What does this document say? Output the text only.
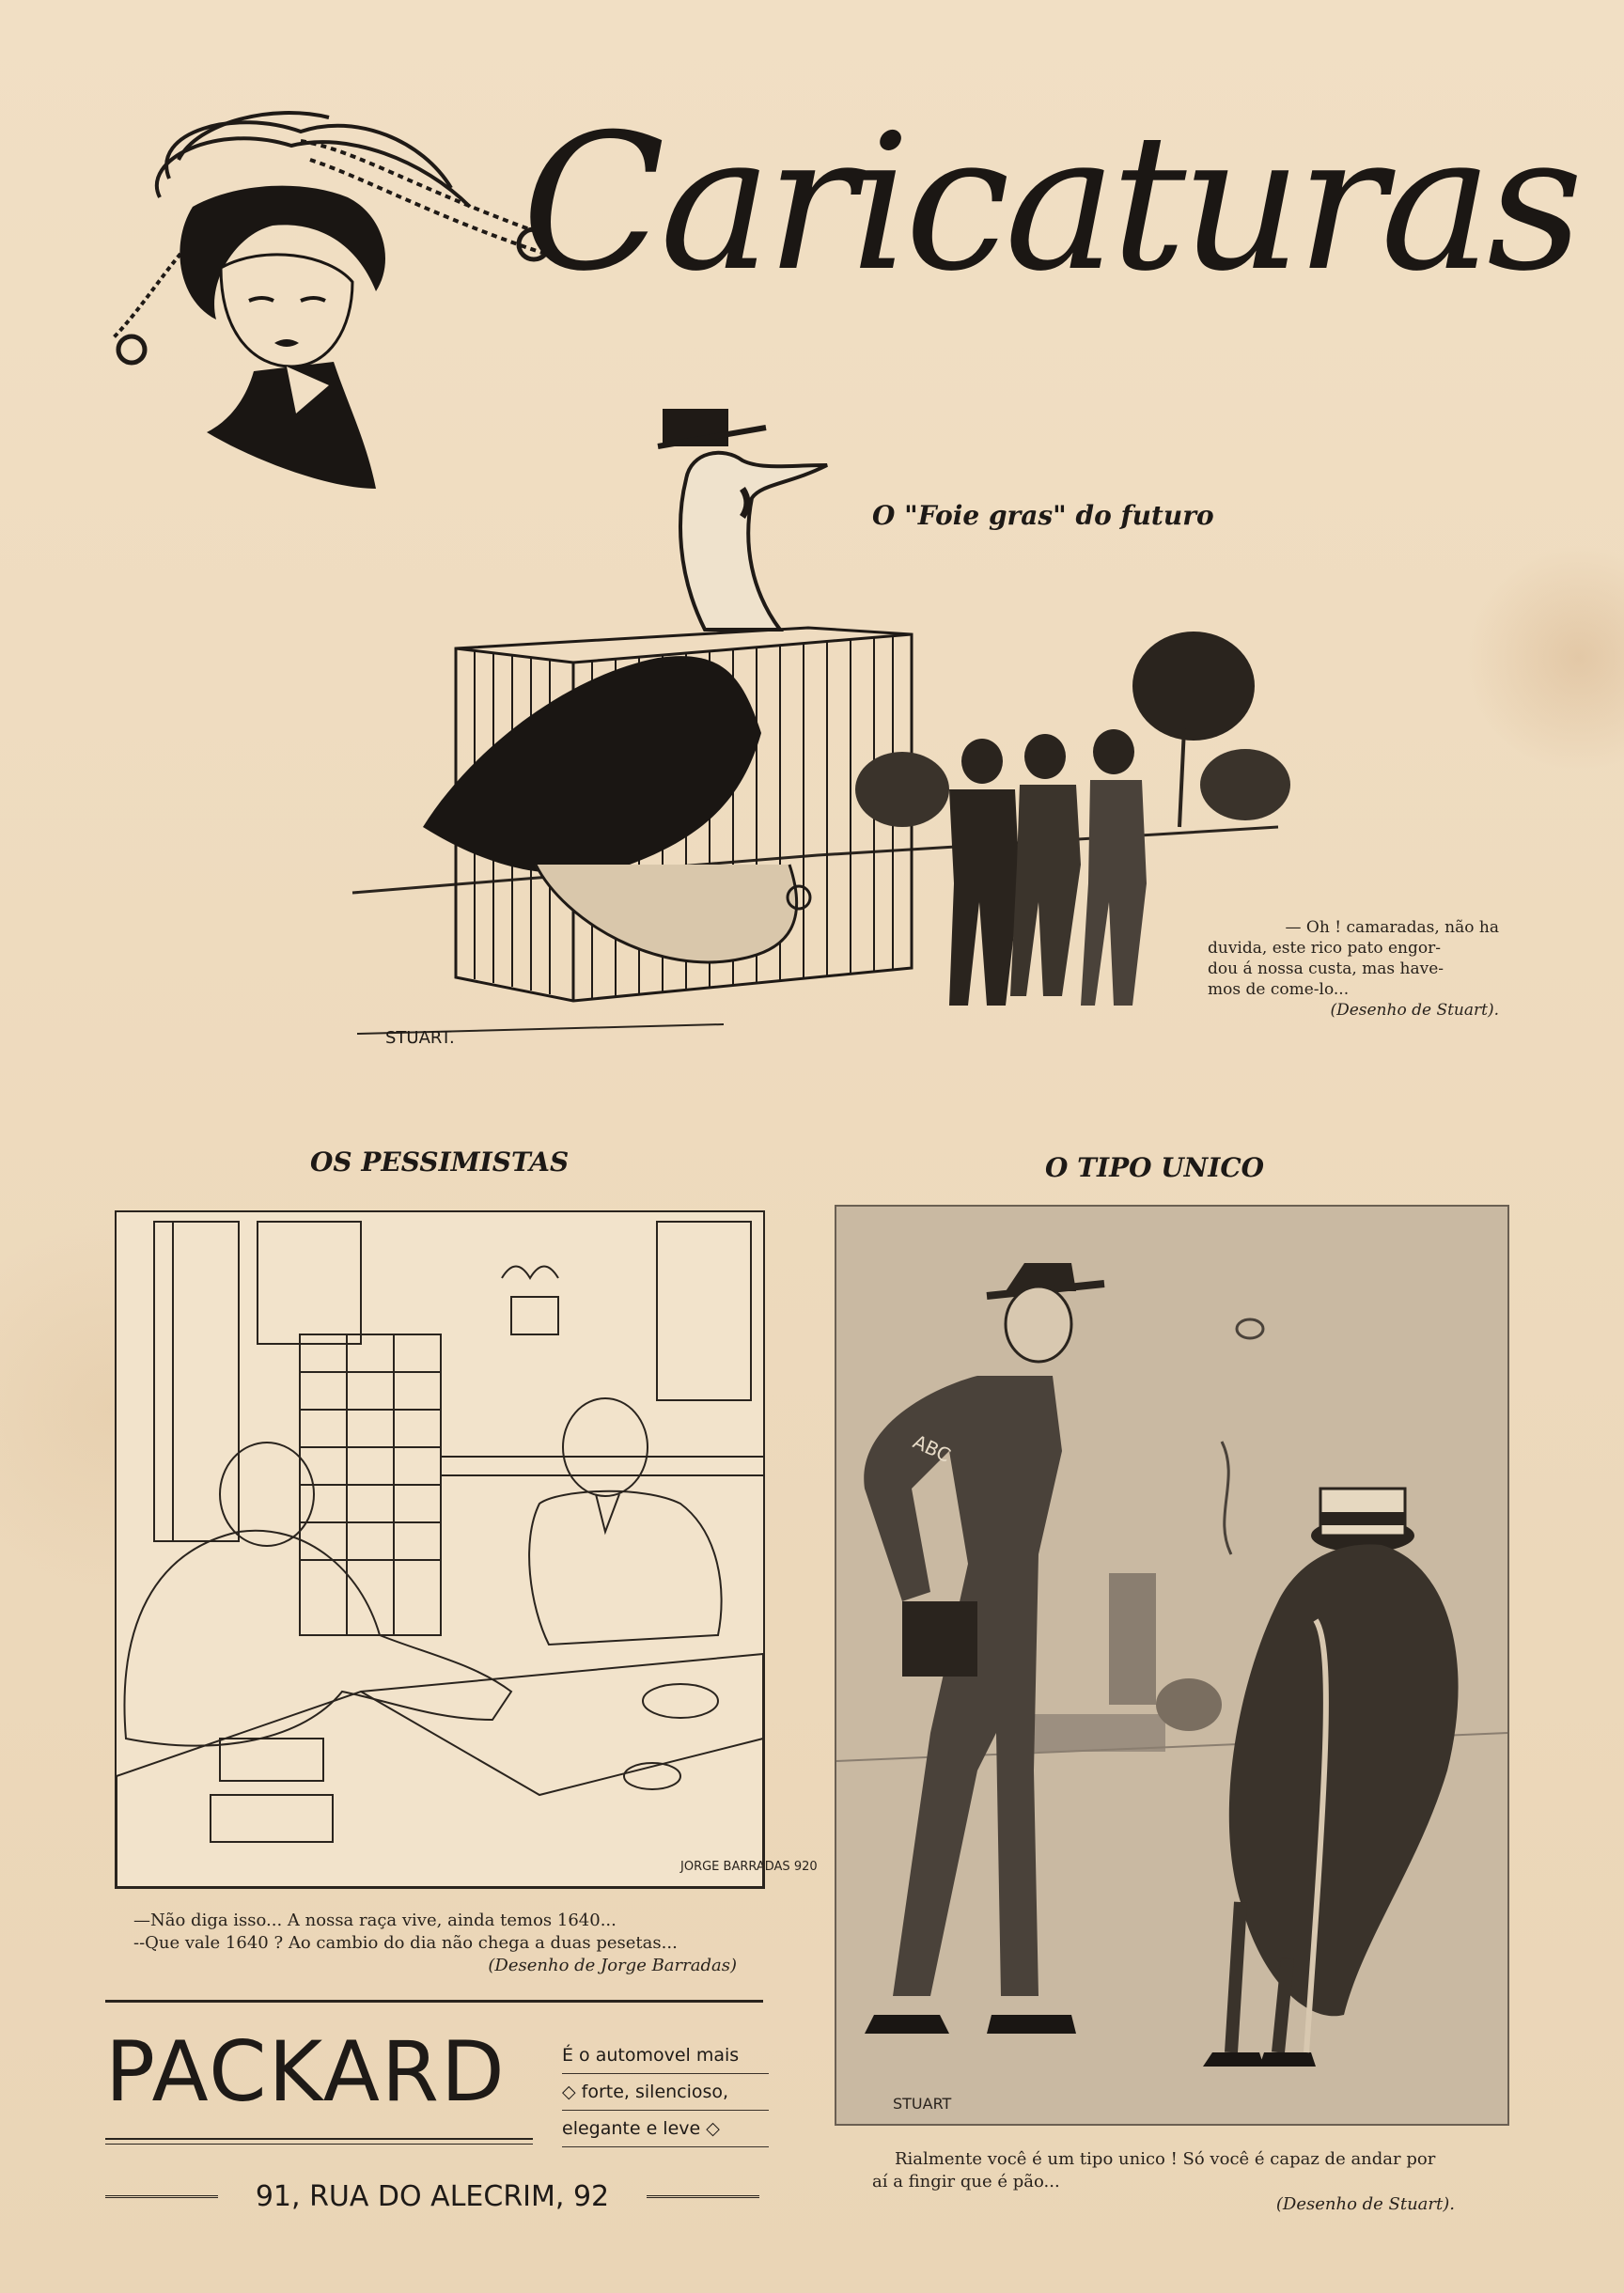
Caricaturas
O "Foie gras" do futuro
STUART.
— Oh ! camaradas, não ha
duvida, este rico pato engor-
dou á nossa custa, mas have-
mos de come-lo...
(Desenho de Stuart).
OS PESSIMISTAS
JORGE BARRADAS 920
—Não diga isso... A nossa raça vive, ainda temos 1640...
--Que vale 1640 ? Ao cambio do dia não chega a duas pesetas...
(Desenho de Jorge Barradas)
PACKARD	É o automovel mais
◇ forte, silencioso,
elegante e leve ◇
91, RUA DO ALECRIM, 92
O TIPO UNICO
ABC
STUART
Rialmente você é um tipo unico ! Só você é capaz de andar por
aí a fingir que é pão...
(Desenho de Stuart).
